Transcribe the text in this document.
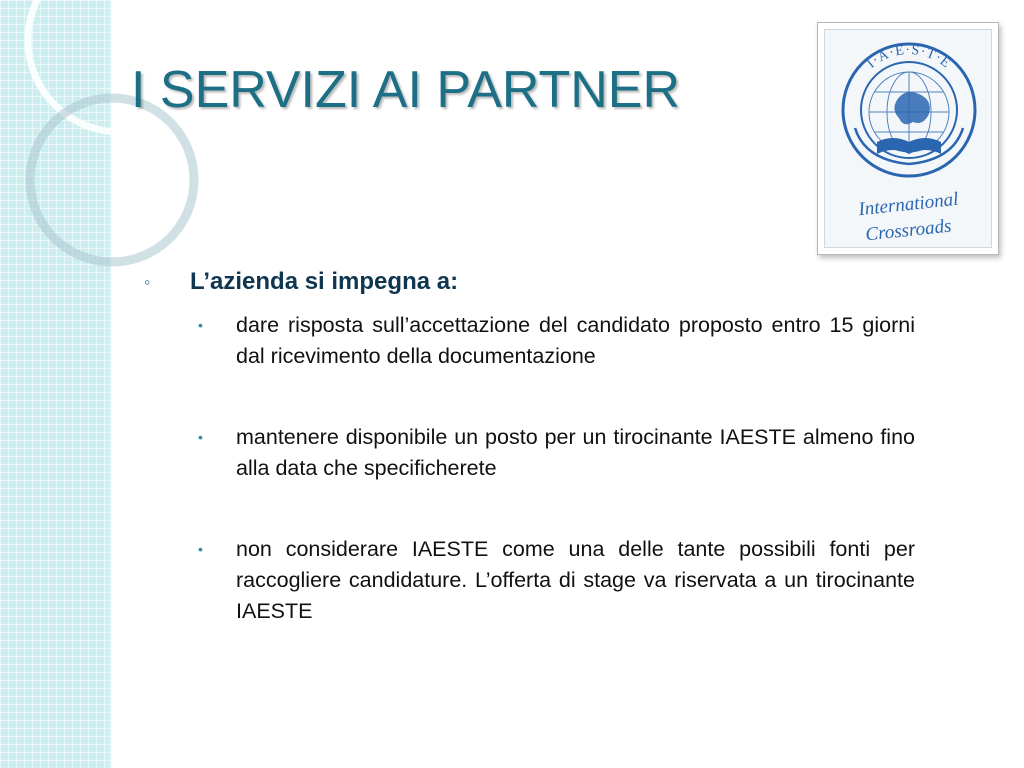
I SERVIZI AI PARTNER	I·A·E·S·T·E
International
Crossroads
◦ L’azienda si impegna a:
• dare risposta sull’accettazione del candidato proposto entro 15 giorni dal ricevimento della documentazione
• mantenere disponibile un posto per un tirocinante IAESTE almeno fino alla data che specificherete
• non considerare IAESTE come una delle tante possibili fonti per raccogliere candidature. L’offerta di stage va riservata a un tirocinante IAESTE
